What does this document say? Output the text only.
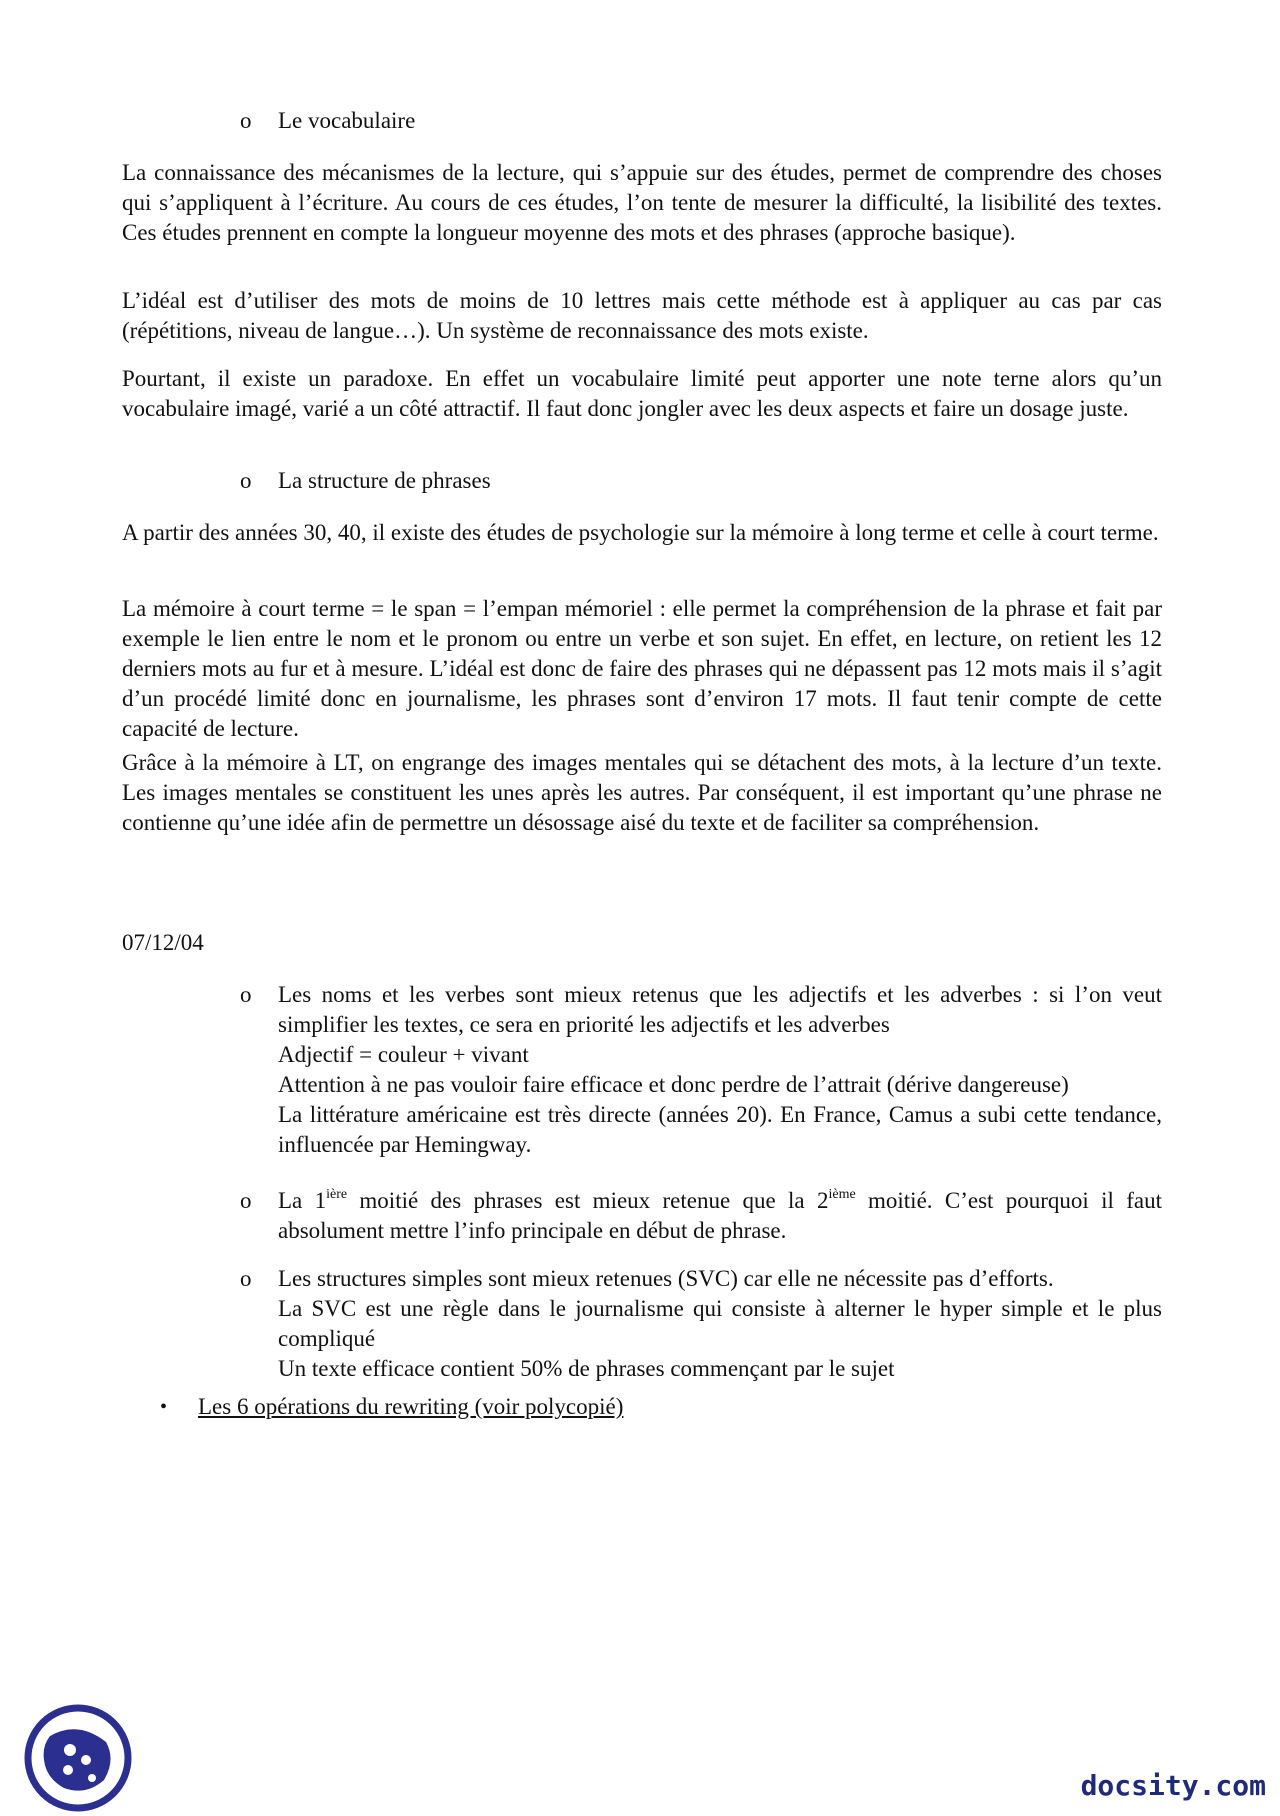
o	Le vocabulaire
La connaissance des mécanismes de la lecture, qui s’appuie sur des études, permet de comprendre des choses qui s’appliquent à l’écriture. Au cours de ces études, l’on tente de mesurer la difficulté, la lisibilité des textes. Ces études prennent en compte la longueur moyenne des mots et des phrases (approche basique).
L’idéal est d’utiliser des mots de moins de 10 lettres mais cette méthode est à appliquer au cas par cas (répétitions, niveau de langue…). Un système de reconnaissance des mots existe.
Pourtant, il existe un paradoxe. En effet un vocabulaire limité peut apporter une note terne alors qu’un vocabulaire imagé, varié a un côté attractif. Il faut donc jongler avec les deux aspects et faire un dosage juste.
o	La structure de phrases
A partir des années 30, 40, il existe des études de psychologie sur la mémoire à long terme et celle à court terme.
La mémoire à court terme = le span = l’empan mémoriel : elle permet la compréhension de la phrase et fait par exemple le lien entre le nom et le pronom ou entre un verbe et son sujet. En effet, en lecture, on retient les 12 derniers mots au fur et à mesure. L’idéal est donc de faire des phrases qui ne dépassent pas 12 mots mais il s’agit d’un procédé limité donc en journalisme, les phrases sont d’environ 17 mots. Il faut tenir compte de cette capacité de lecture.
Grâce à la mémoire à LT, on engrange des images mentales qui se détachent des mots, à la lecture d’un texte. Les images mentales se constituent les unes après les autres. Par conséquent, il est important qu’une phrase ne contienne qu’une idée afin de permettre un désossage aisé du texte et de faciliter sa compréhension.
07/12/04
o	Les noms et les verbes sont mieux retenus que les adjectifs et les adverbes : si l’on veut simplifier les textes, ce sera en priorité les adjectifs et les adverbes
Adjectif = couleur + vivant
Attention à ne pas vouloir faire efficace et donc perdre de l’attrait (dérive dangereuse)
La littérature américaine est très directe (années 20). En France, Camus a subi cette tendance, influencée par Hemingway.
o	La $1^{ière}$ moitié des phrases est mieux retenue que la 2ième moitié. C’est pourquoi il faut absolument mettre l’info principale en début de phrase.
o	Les structures simples sont mieux retenues (SVC) car elle ne nécessite pas d’efforts.
La SVC est une règle dans le journalisme qui consiste à alterner le hyper simple et le plus compliqué
Un texte efficace contient 50% de phrases commençant par le sujet
• Les 6 opérations du rewriting (voir polycopié)
docsity.com
